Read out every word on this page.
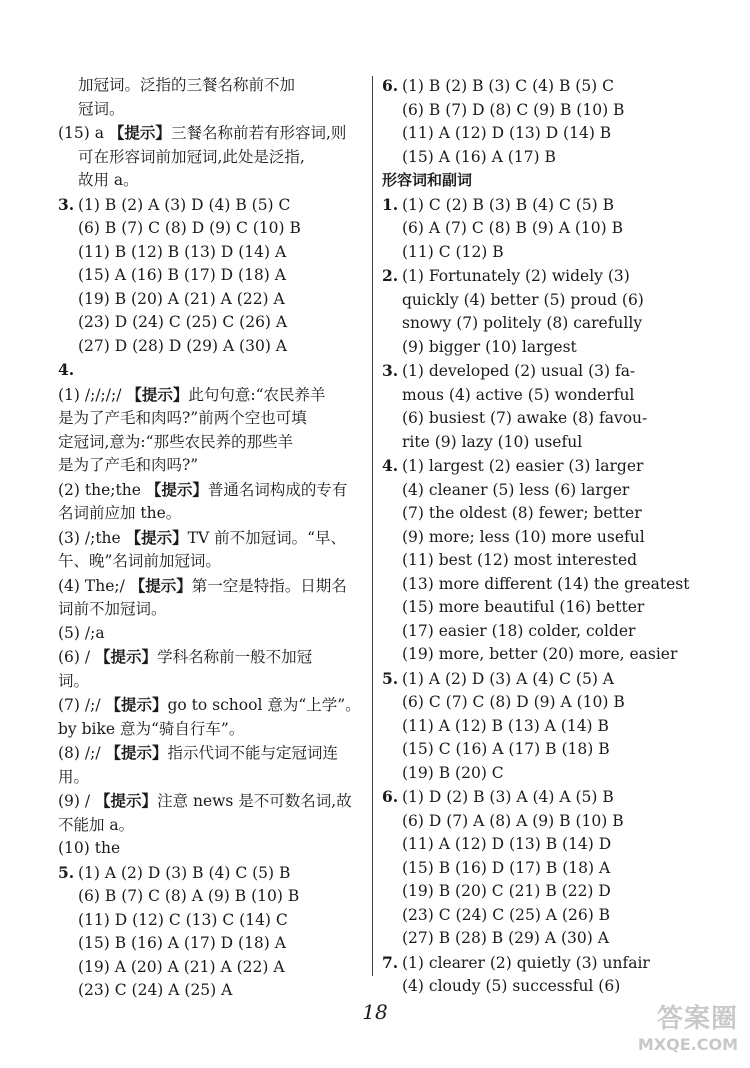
加冠词。泛指的三餐名称前不加
冠词。
(15) a 【提示】三餐名称前若有形容词,则
可在形容词前加冠词,此处是泛指,
故用 a。
3. (1) B (2) A (3) D (4) B (5) C
(6) B (7) C (8) D (9) C (10) B
(11) B (12) B (13) D (14) A
(15) A (16) B (17) D (18) A
(19) B (20) A (21) A (22) A
(23) D (24) C (25) C (26) A
(27) D (28) D (29) A (30) A
4.
(1) /;/;/;/ 【提示】此句句意:“农民养羊
是为了产毛和肉吗?”前两个空也可填
定冠词,意为:“那些农民养的那些羊
是为了产毛和肉吗?”
(2) the;the 【提示】普通名词构成的专有
名词前应加 the。
(3) /;the 【提示】TV 前不加冠词。“早、
午、晚”名词前加冠词。
(4) The;/ 【提示】第一空是特指。日期名
词前不加冠词。
(5) /;a
(6) / 【提示】学科名称前一般不加冠
词。
(7) /;/ 【提示】go to school 意为“上学”。
by bike 意为“骑自行车”。
(8) /;/ 【提示】指示代词不能与定冠词连
用。
(9) / 【提示】注意 news 是不可数名词,故
不能加 a。
(10) the
5. (1) A (2) D (3) B (4) C (5) B
(6) B (7) C (8) A (9) B (10) B
(11) D (12) C (13) C (14) C
(15) B (16) A (17) D (18) A
(19) A (20) A (21) A (22) A
(23) C (24) A (25) A
6. (1) B (2) B (3) C (4) B (5) C
(6) B (7) D (8) C (9) B (10) B
(11) A (12) D (13) D (14) B
(15) A (16) A (17) B
形容词和副词
1. (1) C (2) B (3) B (4) C (5) B
(6) A (7) C (8) B (9) A (10) B
(11) C (12) B
2. (1) Fortunately (2) widely (3)
quickly (4) better (5) proud (6)
snowy (7) politely (8) carefully
(9) bigger (10) largest
3. (1) developed (2) usual (3) fa-
mous (4) active (5) wonderful
(6) busiest (7) awake (8) favou-
rite (9) lazy (10) useful
4. (1) largest (2) easier (3) larger
(4) cleaner (5) less (6) larger
(7) the oldest (8) fewer; better
(9) more; less (10) more useful
(11) best (12) most interested
(13) more different (14) the greatest
(15) more beautiful (16) better
(17) easier (18) colder, colder
(19) more, better (20) more, easier
5. (1) A (2) D (3) A (4) C (5) A
(6) C (7) C (8) D (9) A (10) B
(11) A (12) B (13) A (14) B
(15) C (16) A (17) B (18) B
(19) B (20) C
6. (1) D (2) B (3) A (4) A (5) B
(6) D (7) A (8) A (9) B (10) B
(11) A (12) D (13) B (14) D
(15) B (16) D (17) B (18) A
(19) B (20) C (21) B (22) D
(23) C (24) C (25) A (26) B
(27) B (28) B (29) A (30) A
7. (1) clearer (2) quietly (3) unfair
(4) cloudy (5) successful (6)
18	答案圈
MXQE.COM
